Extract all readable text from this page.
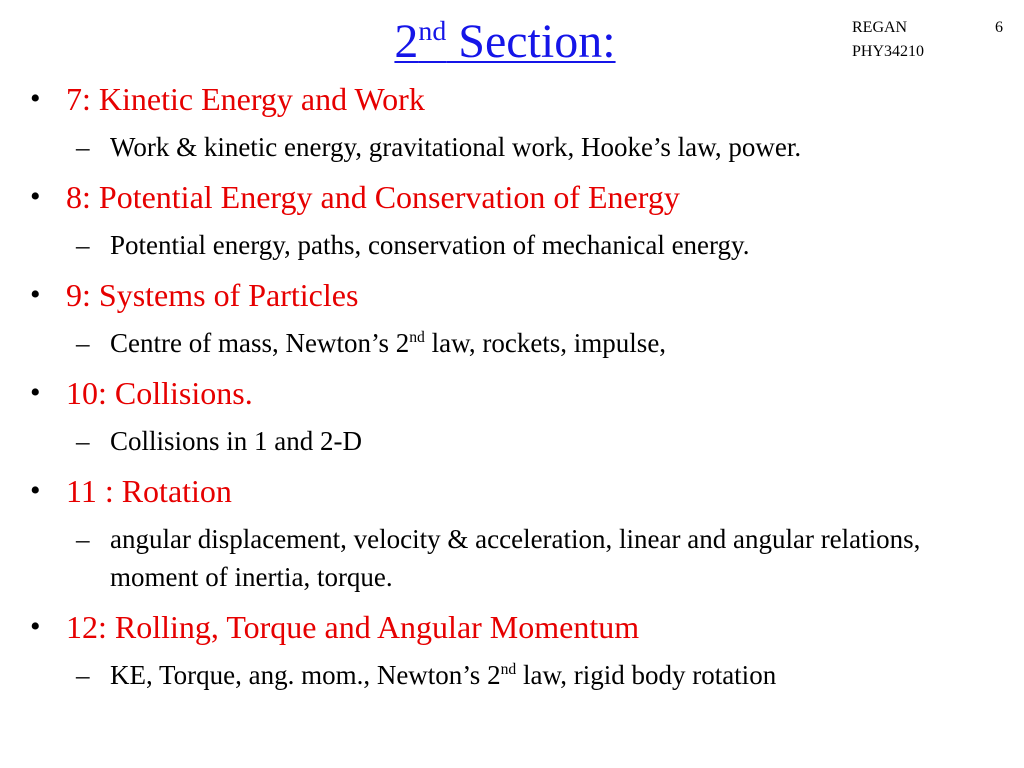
2nd Section:	REGAN
PHY34210
6
• 7: Kinetic Energy and Work
– Work & kinetic energy, gravitational work, Hooke’s law, power.
• 8: Potential Energy and Conservation of Energy
– Potential energy, paths, conservation of mechanical energy.
• 9: Systems of Particles
– Centre of mass, Newton’s 2nd law, rockets, impulse,
• 10: Collisions.
– Collisions in 1 and 2-D
• 11 : Rotation
– angular displacement, velocity & acceleration, linear and angular relations, moment of inertia, torque.
• 12: Rolling, Torque and Angular Momentum
– KE, Torque, ang. mom., Newton’s 2nd law, rigid body rotation
